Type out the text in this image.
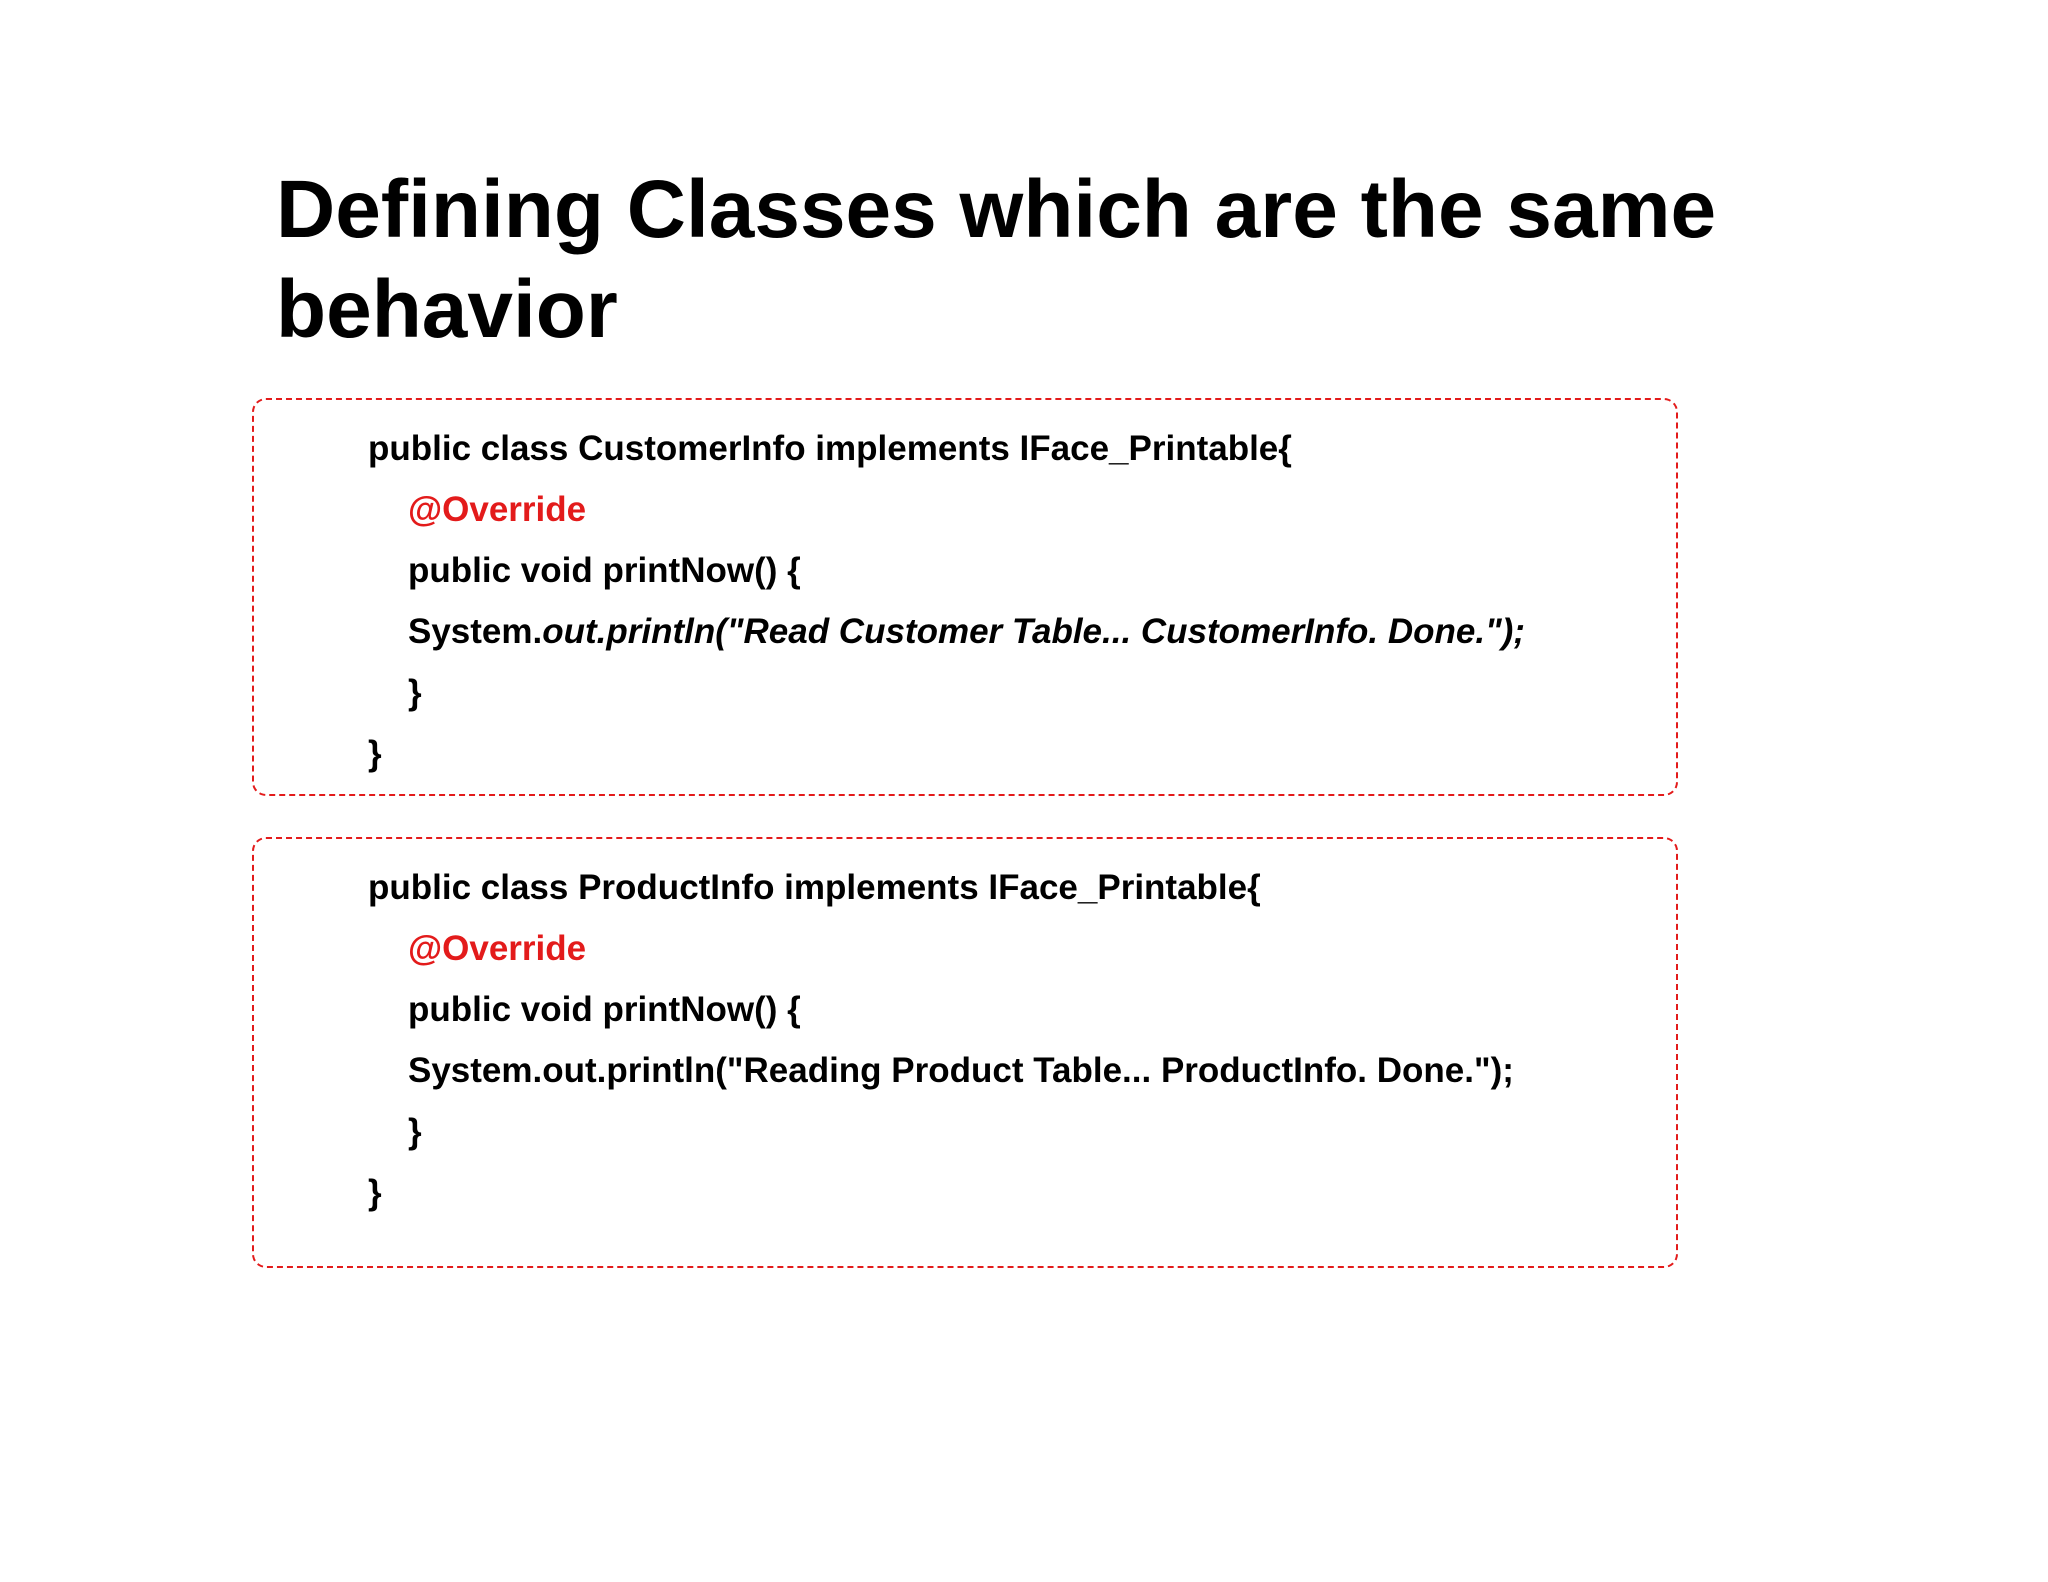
Defining Classes which are the same behavior
public class CustomerInfo implements IFace_Printable{
@Override
public void printNow() {
System.out.println("Read Customer Table... CustomerInfo. Done.");
}
}
public class ProductInfo implements IFace_Printable{
@Override
public void printNow() {
System.out.println("Reading Product Table... ProductInfo. Done.");
}
}
